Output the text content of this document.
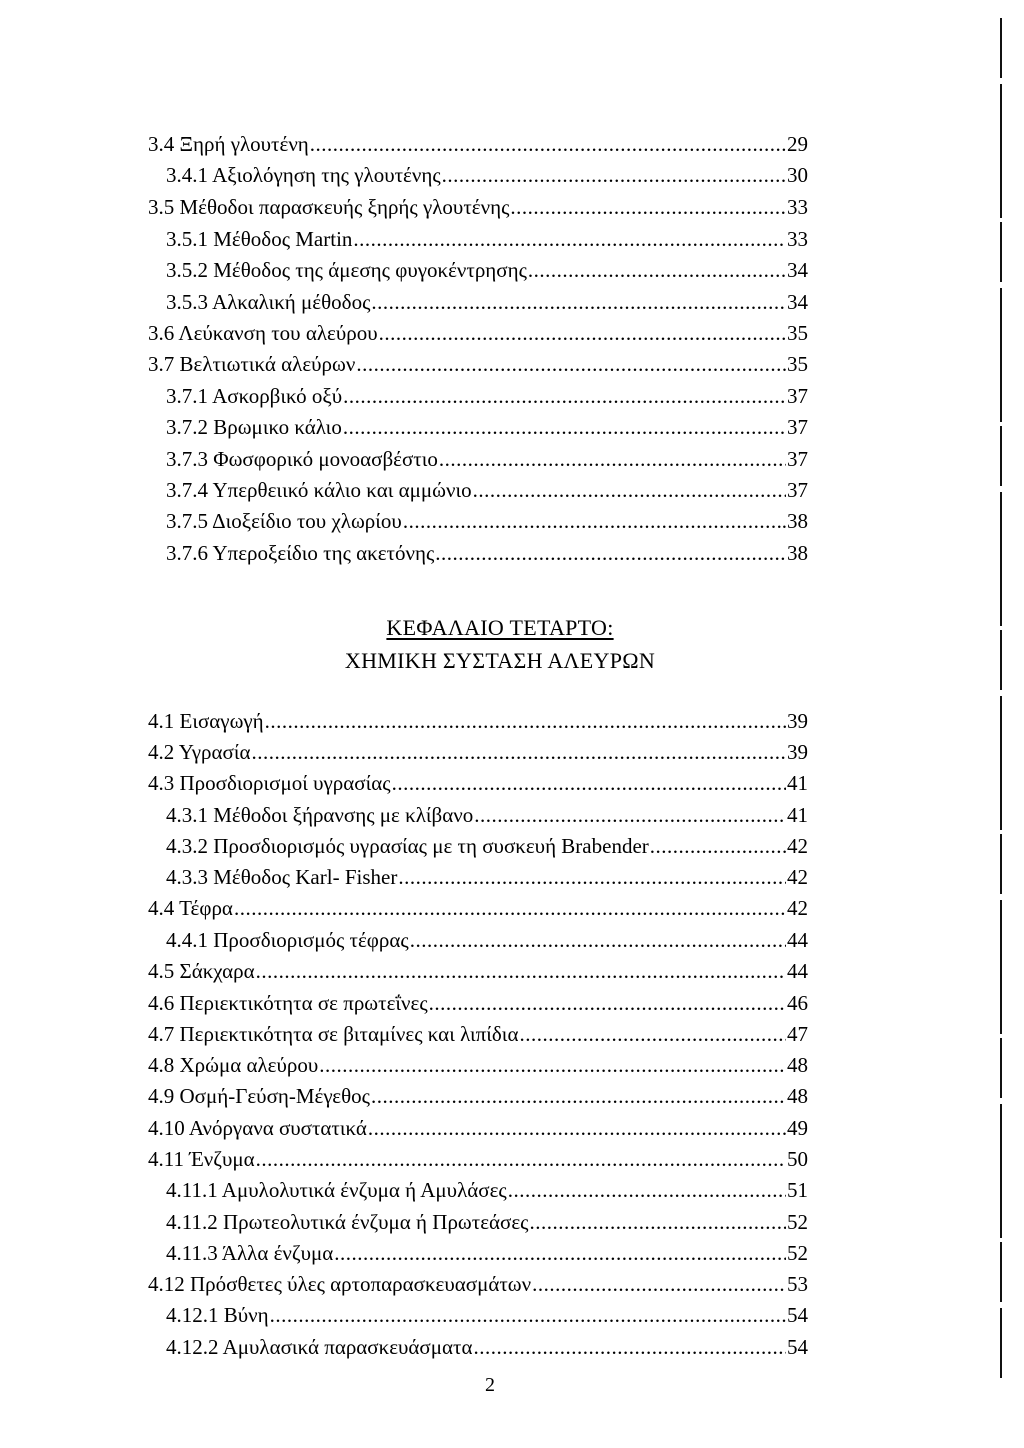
3.4 Ξηρή γλουτένη .....	29
3.4.1 Αξιολόγηση της γλουτένης .....	30
3.5 Μέθοδοι παρασκευής ξηρής γλουτένης .....	33
3.5.1 Μέθοδος Martin .....	33
3.5.2 Μέθοδος της άμεσης φυγοκέντρησης .....	34
3.5.3 Αλκαλική μέθοδος .....	34
3.6 Λεύκανση του αλεύρου .....	35
3.7 Βελτιωτικά αλεύρων .....	35
3.7.1 Ασκορβικό οξύ .....	37
3.7.2 Βρωμικο κάλιο .....	37
3.7.3 Φωσφορικό μονοασβέστιο .....	37
3.7.4 Υπερθειικό κάλιο και αμμώνιο .....	37
3.7.5 Διοξείδιο του χλωρίου .....	.38
3.7.6 Υπεροξείδιο της ακετόνης .....	38
ΚΕΦΑΛΑΙΟ ΤΕΤΑΡΤΟ:
ΧΗΜΙΚΗ ΣΥΣΤΑΣΗ ΑΛΕΥΡΩΝ
4.1 Εισαγωγή .....	39
4.2 Υγρασία .....	39
4.3 Προσδιορισμοί υγρασίας .....	41
4.3.1 Μέθοδοι ξήρανσης με κλίβανο .....	41
4.3.2 Προσδιορισμός υγρασίας με τη συσκευή Brabender .....	42
4.3.3 Μέθοδος Karl- Fisher .....	42
4.4 Τέφρα .....	42
4.4.1 Προσδιορισμός τέφρας .....	44
4.5 Σάκχαρα .....	44
4.6 Περιεκτικότητα σε πρωτεΐνες .....	46
4.7 Περιεκτικότητα σε βιταμίνες και λιπίδια .....	47
4.8 Χρώμα αλεύρου .....	48
4.9 Οσμή-Γεύση-Μέγεθος .....	48
4.10 Ανόργανα συστατικά .....	49
4.11 Ένζυμα .....	50
4.11.1 Αμυλολυτικά ένζυμα ή Αμυλάσες .....	51
4.11.2 Πρωτεολυτικά ένζυμα ή Πρωτεάσες .....	52
4.11.3 Άλλα ένζυμα .....	52
4.12 Πρόσθετες ύλες αρτοπαρασκευασμάτων .....	53
4.12.1 Βύνη .....	54
4.12.2 Αμυλασικά παρασκευάσματα .....	54
2
